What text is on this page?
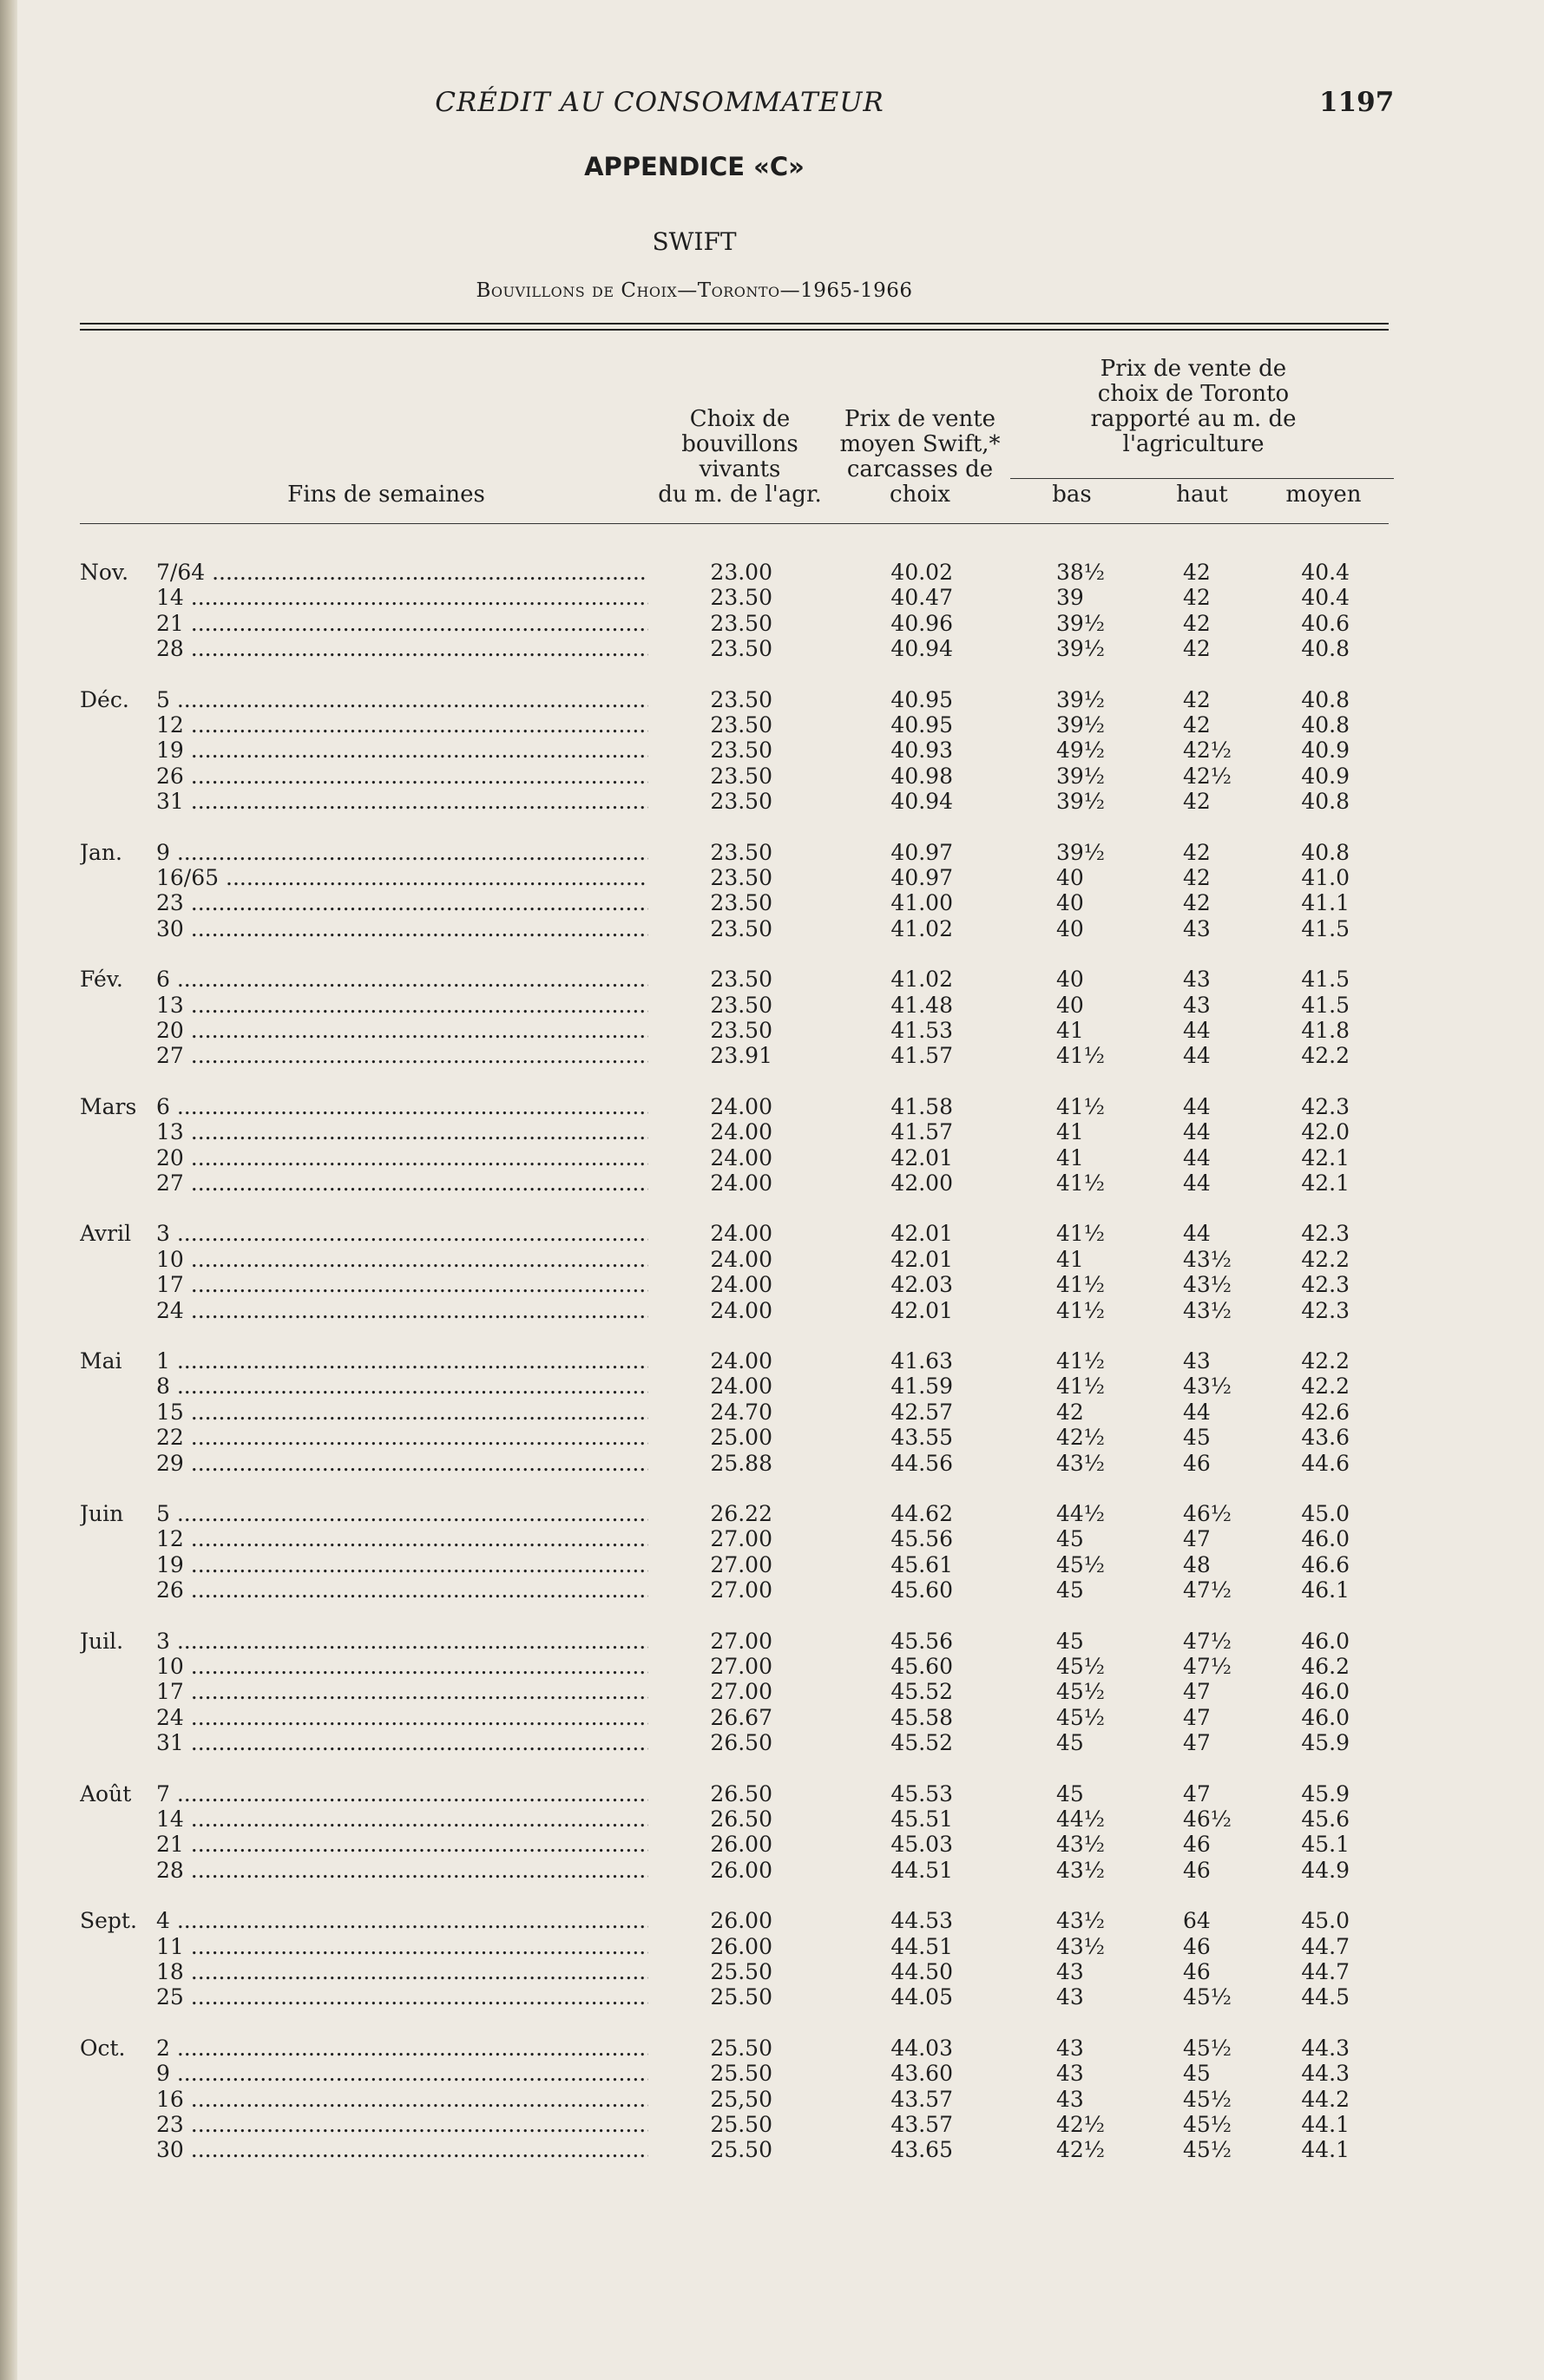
CRÉDIT AU CONSOMMATEUR	1197
APPENDICE «C»
SWIFT
Bouvillons de Choix—Toronto—1965-1966
Fins de semaines
Choix de
bouvillons
vivants
du m. de l'agr.
Prix de vente
moyen Swift,*
carcasses de
choix
Prix de vente de
choix de Toronto
rapporté au m. de
l'agriculture
bas	haut	moyen
Nov. 7/64 .....	23.00	40.02	38½	42	40.4
14 .....	23.50	40.47	39	42	40.4
21 .....	23.50	40.96	39½	42	40.6
28 .....	23.50	40.94	39½	42	40.8
Déc. 5 .....	23.50	40.95	39½	42	40.8
12 .....	23.50	40.95	39½	42	40.8
19 .....	23.50	40.93	49½	42½	40.9
26 .....	23.50	40.98	39½	42½	40.9
31 .....	23.50	40.94	39½	42	40.8
Jan. 9 .....	23.50	40.97	39½	42	40.8
16/65 .....	23.50	40.97	40	42	41.0
23 .....	23.50	41.00	40	42	41.1
30 .....	23.50	41.02	40	43	41.5
Fév. 6 .....	23.50	41.02	40	43	41.5
13 .....	23.50	41.48	40	43	41.5
20 .....	23.50	41.53	41	44	41.8
27 .....	23.91	41.57	41½	44	42.2
Mars 6 .....	24.00	41.58	41½	44	42.3
13 .....	24.00	41.57	41	44	42.0
20 .....	24.00	42.01	41	44	42.1
27 .....	24.00	42.00	41½	44	42.1
Avril 3 .....	24.00	42.01	41½	44	42.3
10 .....	24.00	42.01	41	43½	42.2
17 .....	24.00	42.03	41½	43½	42.3
24 .....	24.00	42.01	41½	43½	42.3
Mai 1 .....	24.00	41.63	41½	43	42.2
8 .....	24.00	41.59	41½	43½	42.2
15 .....	24.70	42.57	42	44	42.6
22 .....	25.00	43.55	42½	45	43.6
29 .....	25.88	44.56	43½	46	44.6
Juin 5 .....	26.22	44.62	44½	46½	45.0
12 .....	27.00	45.56	45	47	46.0
19 .....	27.00	45.61	45½	48	46.6
26 .....	27.00	45.60	45	47½	46.1
Juil. 3 .....	27.00	45.56	45	47½	46.0
10 .....	27.00	45.60	45½	47½	46.2
17 .....	27.00	45.52	45½	47	46.0
24 .....	26.67	45.58	45½	47	46.0
31 .....	26.50	45.52	45	47	45.9
Août 7 .....	26.50	45.53	45	47	45.9
14 .....	26.50	45.51	44½	46½	45.6
21 .....	26.00	45.03	43½	46	45.1
28 .....	26.00	44.51	43½	46	44.9
Sept. 4 .....	26.00	44.53	43½	64	45.0
11 .....	26.00	44.51	43½	46	44.7
18 .....	25.50	44.50	43	46	44.7
25 .....	25.50	44.05	43	45½	44.5
Oct. 2 .....	25.50	44.03	43	45½	44.3
9 .....	25.50	43.60	43	45	44.3
16 .....	25,50	43.57	43	45½	44.2
23 .....	25.50	43.57	42½	45½	44.1
30 .....	25.50	43.65	42½	45½	44.1
